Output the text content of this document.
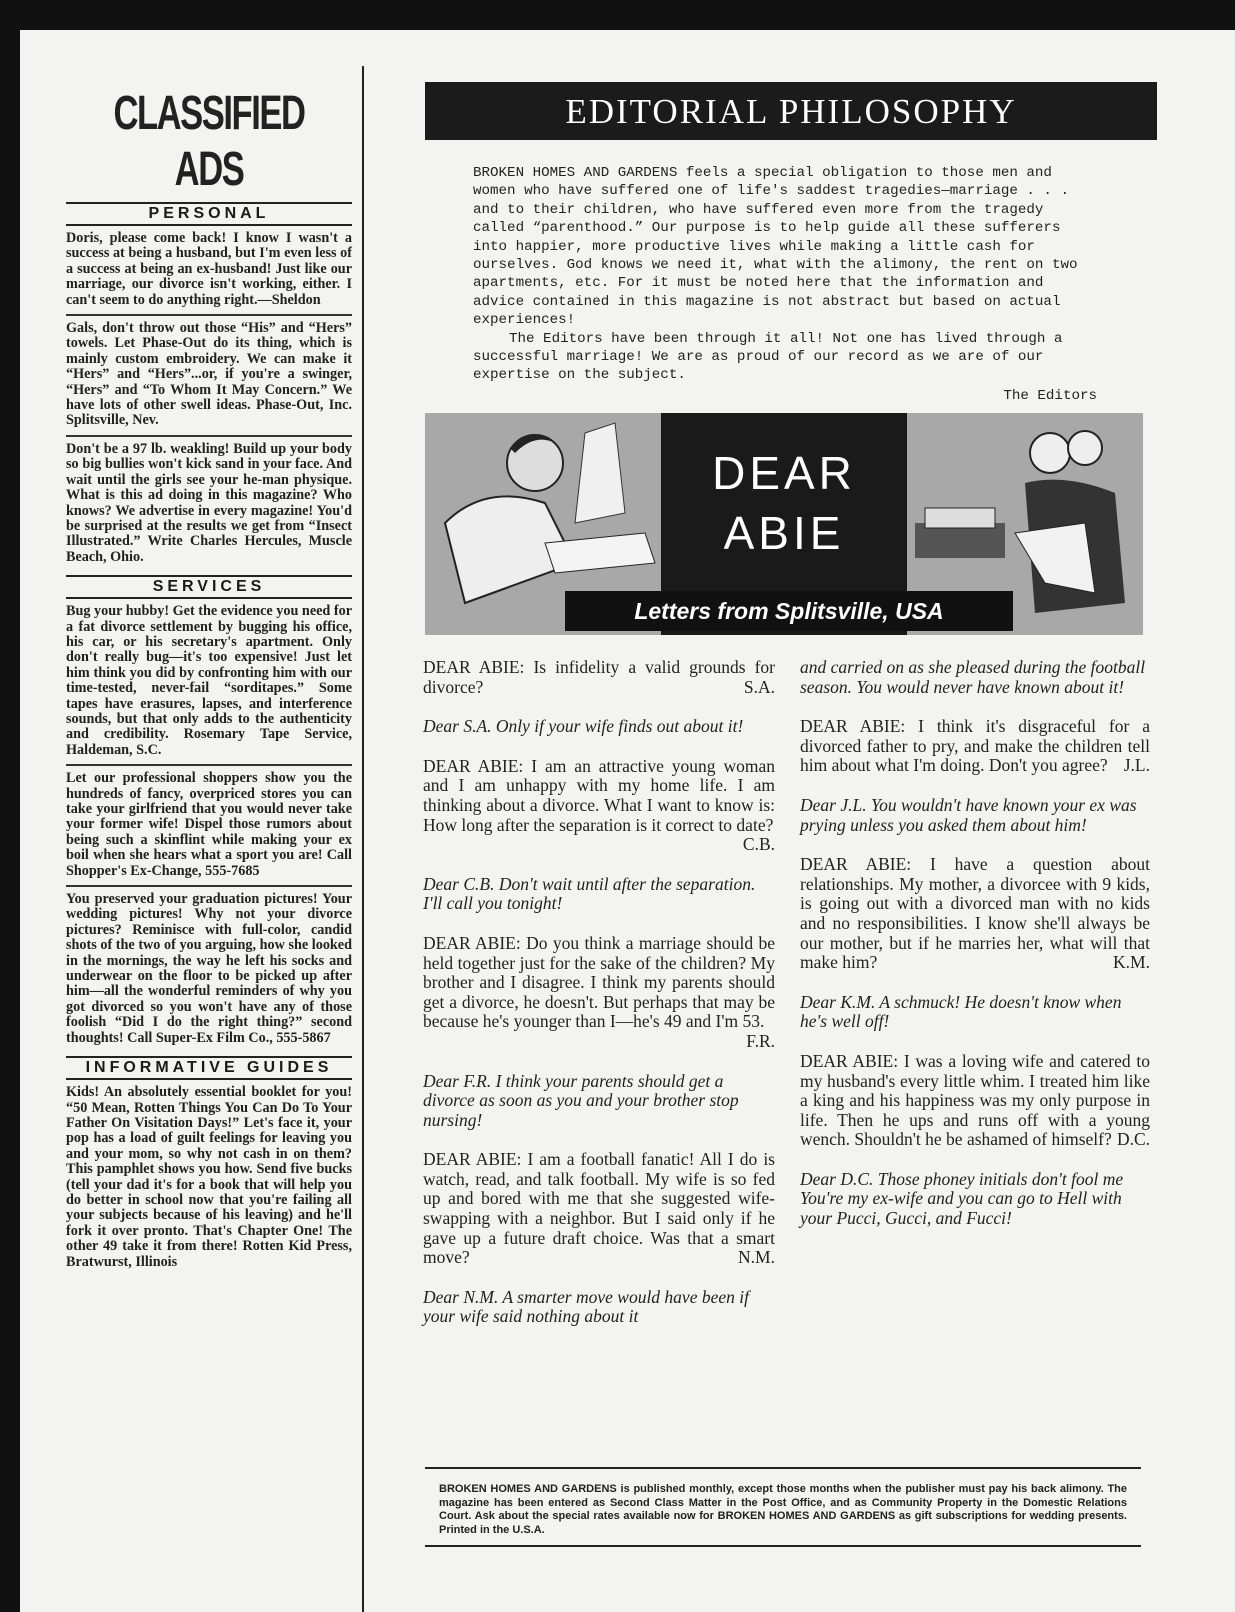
CLASSIFIED ADS
PERSONAL
Doris, please come back! I know I wasn't a success at being a husband, but I'm even less of a success at being an ex-husband! Just like our marriage, our divorce isn't working, either. I can't seem to do anything right.—Sheldon
Gals, don't throw out those “His” and “Hers” towels. Let Phase-Out do its thing, which is mainly custom embroidery. We can make it “Hers” and “Hers”...or, if you're a swinger, “Hers” and “To Whom It May Concern.” We have lots of other swell ideas. Phase-Out, Inc. Splitsville, Nev.
Don't be a 97 lb. weakling! Build up your body so big bullies won't kick sand in your face. And wait until the girls see your he-man physique. What is this ad doing in this magazine? Who knows? We advertise in every magazine! You'd be surprised at the results we get from “Insect Illustrated.” Write Charles Hercules, Muscle Beach, Ohio.
SERVICES
Bug your hubby! Get the evidence you need for a fat divorce settlement by bugging his office, his car, or his secretary's apartment. Only don't really bug—it's too expensive! Just let him think you did by confronting him with our time-tested, never-fail “sorditapes.” Some tapes have erasures, lapses, and interference sounds, but that only adds to the authenticity and credibility. Rosemary Tape Service, Haldeman, S.C.
Let our professional shoppers show you the hundreds of fancy, overpriced stores you can take your girlfriend that you would never take your former wife! Dispel those rumors about being such a skinflint while making your ex boil when she hears what a sport you are! Call Shopper's Ex-Change, 555-7685
You preserved your graduation pictures! Your wedding pictures! Why not your divorce pictures? Reminisce with full-color, candid shots of the two of you arguing, how she looked in the mornings, the way he left his socks and underwear on the floor to be picked up after him—all the wonderful reminders of why you got divorced so you won't have any of those foolish “Did I do the right thing?” second thoughts! Call Super-Ex Film Co., 555-5867
INFORMATIVE GUIDES
Kids! An absolutely essential booklet for you! “50 Mean, Rotten Things You Can Do To Your Father On Visitation Days!” Let's face it, your pop has a load of guilt feelings for leaving you and your mom, so why not cash in on them? This pamphlet shows you how. Send five bucks (tell your dad it's for a book that will help you do better in school now that you're failing all your subjects because of his leaving) and he'll fork it over pronto. That's Chapter One! The other 49 take it from there! Rotten Kid Press, Bratwurst, Illinois
EDITORIAL PHILOSOPHY

BROKEN HOMES AND GARDENS feels a special obligation to those men and women who have suffered one of life's saddest tragedies—marriage . . . and to their children, who have suffered even more from the tragedy called “parenthood.” Our purpose is to help guide all these sufferers into happier, more productive lives while making a little cash for ourselves. God knows we need it, what with the alimony, the rent on two apartments, etc. For it must be noted here that the information and advice contained in this magazine is not abstract but based on actual experiences!

The Editors have been through it all! Not one has lived through a successful marriage! We are as proud of our record as we are of our expertise on the subject.

The Editors
DEAR
ABIE
Letters from Splitsville, USA
DEAR ABIE: Is infidelity a valid grounds for divorce?	S.A.
Dear S.A. Only if your wife finds out about it!
DEAR ABIE: I am an attractive young woman and I am unhappy with my home life. I am thinking about a divorce. What I want to know is: How long after the separation is it correct to date?
C.B.
Dear C.B. Don't wait until after the separation. I'll call you tonight!
DEAR ABIE: Do you think a marriage should be held together just for the sake of the children? My brother and I disagree. I think my parents should get a divorce, he doesn't. But perhaps that may be because he's younger than I—he's 49 and I'm 53.
F.R.
Dear F.R. I think your parents should get a divorce as soon as you and your brother stop nursing!
DEAR ABIE: I am a football fanatic! All I do is watch, read, and talk football. My wife is so fed up and bored with me that she suggested wife-swapping with a neighbor. But I said only if he gave up a future draft choice. Was that a smart move?	N.M.
Dear N.M. A smarter move would have been if your wife said nothing about it
and carried on as she pleased during the football season. You would never have known about it!
DEAR ABIE: I think it's disgraceful for a divorced father to pry, and make the children tell him about what I'm doing. Don't you agree? J.L.
Dear J.L. You wouldn't have known your ex was prying unless you asked them about him!
DEAR ABIE: I have a question about relationships. My mother, a divorcee with 9 kids, is going out with a divorced man with no kids and no responsibilities. I know she'll always be our mother, but if he marries her, what will that make him?	K.M.
Dear K.M. A schmuck! He doesn't know when he's well off!
DEAR ABIE: I was a loving wife and catered to my husband's every little whim. I treated him like a king and his happiness was my only purpose in life. Then he ups and runs off with a young wench. Shouldn't he be ashamed of himself? D.C.
Dear D.C. Those phoney initials don't fool me You're my ex-wife and you can go to Hell with your Pucci, Gucci, and Fucci!
BROKEN HOMES AND GARDENS is published monthly, except those months when the publisher must pay his back alimony. The magazine has been entered as Second Class Matter in the Post Office, and as Community Property in the Domestic Relations Court. Ask about the special rates available now for BROKEN HOMES AND GARDENS as gift subscriptions for wedding presents. Printed in the U.S.A.
